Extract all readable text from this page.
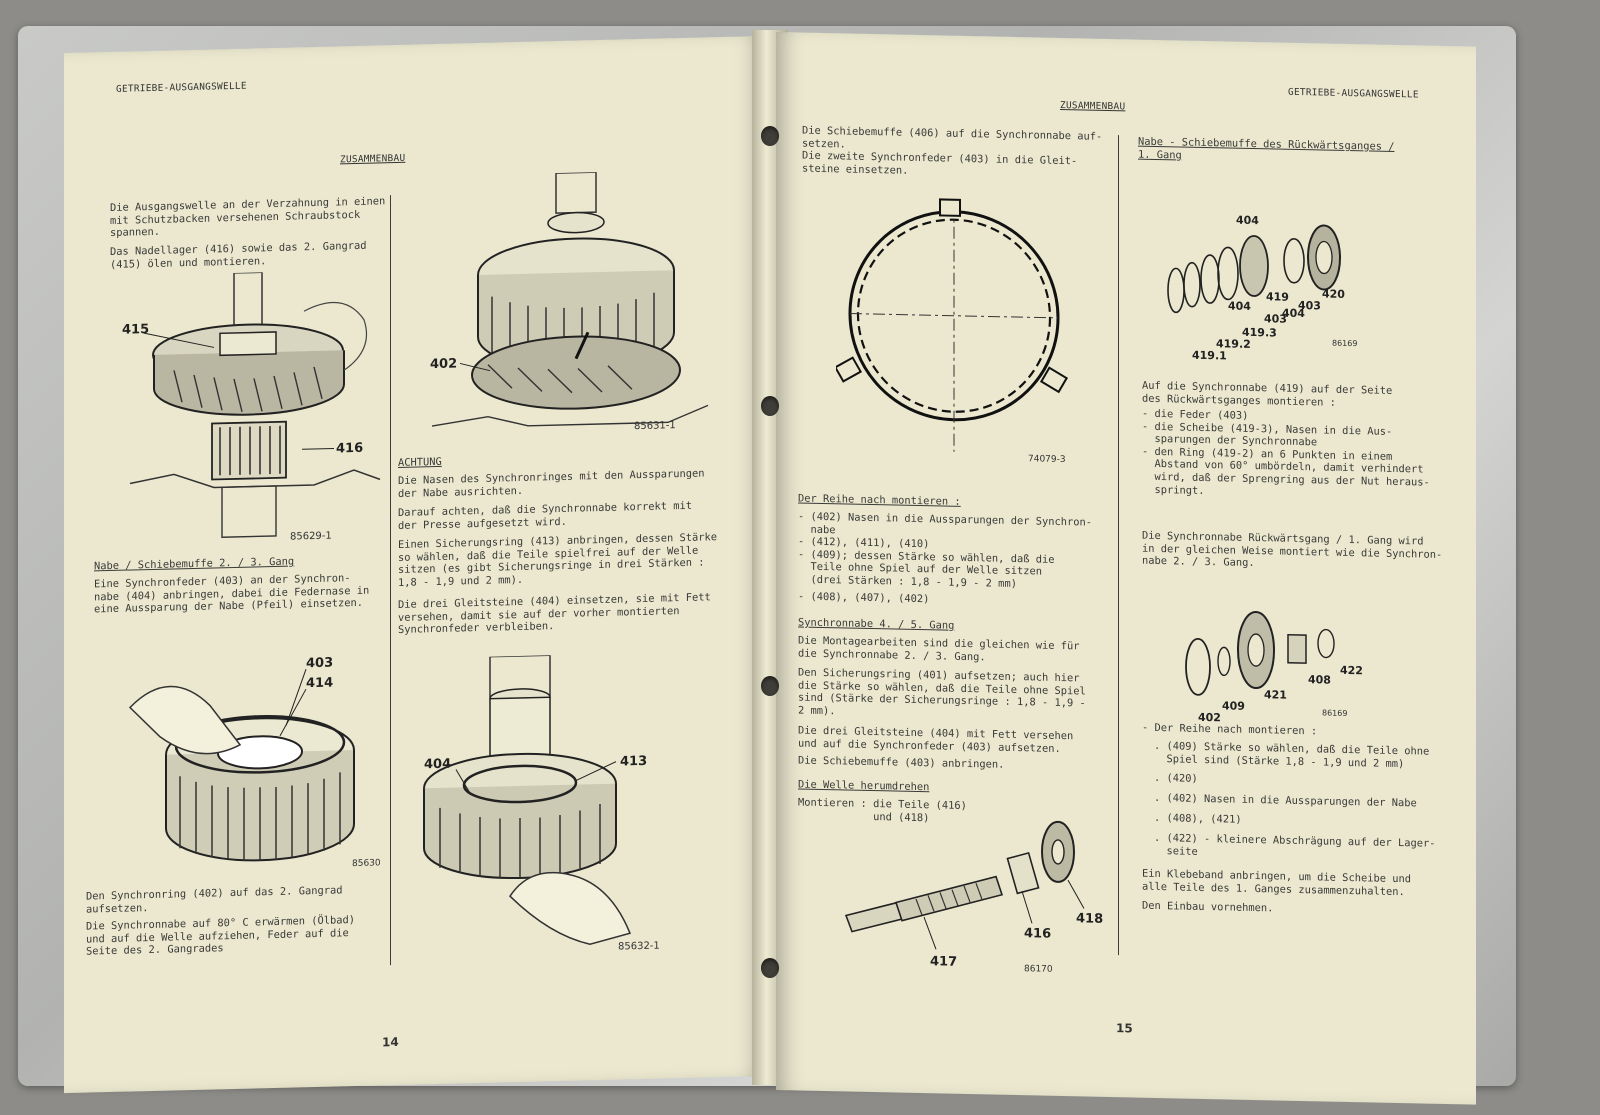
GETRIEBE-AUSGANGSWELLE
ZUSAMMENBAU
Die Ausgangswelle an der Verzahnung in einen
mit Schutzbacken versehenen Schraubstock
spannen.
Das Nadellager (416) sowie das 2. Gangrad
(415) ölen und montieren.
415
416
85629-1
Nabe / Schiebemuffe 2. / 3. Gang
Eine Synchronfeder (403) an der Synchron-
nabe (404) anbringen, dabei die Federnase in
eine Aussparung der Nabe (Pfeil) einsetzen.
403
414
85630
Den Synchronring (402) auf das 2. Gangrad
aufsetzen.
Die Synchronnabe auf 80° C erwärmen (Ölbad)
und auf die Welle aufziehen, Feder auf die
Seite des 2. Gangrades
402
85631-1
ACHTUNG
Die Nasen des Synchronringes mit den Aussparungen
der Nabe ausrichten.
Darauf achten, daß die Synchronnabe korrekt mit
der Presse aufgesetzt wird.
Einen Sicherungsring (413) anbringen, dessen Stärke
so wählen, daß die Teile spielfrei auf der Welle
sitzen (es gibt Sicherungsringe in drei Stärken :
1,8 - 1,9 und 2 mm).
Die drei Gleitsteine (404) einsetzen, sie mit Fett
versehen, damit sie auf der vorher montierten
Synchronfeder verbleiben.
404	413
85632-1
14
GETRIEBE-AUSGANGSWELLE
ZUSAMMENBAU
Die Schiebemuffe (406) auf die Synchronnabe auf-
setzen.
Die zweite Synchronfeder (403) in die Gleit-
steine einsetzen.
74079-3
Der Reihe nach montieren :
- (402) Nasen in die Aussparungen der Synchron-
nabe
- (412), (411), (410)
- (409); dessen Stärke so wählen, daß die
Teile ohne Spiel auf der Welle sitzen
(drei Stärken : 1,8 - 1,9 - 2 mm)
- (408), (407), (402)
Synchronnabe 4. / 5. Gang
Die Montagearbeiten sind die gleichen wie für
die Synchronnabe 2. / 3. Gang.
Den Sicherungsring (401) aufsetzen; auch hier
die Stärke so wählen, daß die Teile ohne Spiel
sind (Stärke der Sicherungsringe : 1,8 - 1,9 -
2 mm).
Die drei Gleitsteine (404) mit Fett versehen
und auf die Synchronfeder (403) aufsetzen.
Die Schiebemuffe (403) anbringen.
Die Welle herumdrehen
Montieren : die Teile (416)
und (418)
417
416
418
86170
Nabe - Schiebemuffe des Rückwärtsganges /
1. Gang
404
419
403
420
404
403
404
419.3
419.2
419.1
86169
Auf die Synchronnabe (419) auf der Seite
des Rückwärtsganges montieren :
- die Feder (403)
- die Scheibe (419-3), Nasen in die Aus-
sparungen der Synchronnabe
- den Ring (419-2) an 6 Punkten in einem
Abstand von 60° umbördeln, damit verhindert
wird, daß der Sprengring aus der Nut heraus-
springt.
Die Synchronnabe Rückwärtsgang / 1. Gang wird
in der gleichen Weise montiert wie die Synchron-
nabe 2. / 3. Gang.
422
408
421
409
402	86169
- Der Reihe nach montieren :
. (409) Stärke so wählen, daß die Teile ohne
Spiel sind (Stärke 1,8 - 1,9 und 2 mm)
. (420)
. (402) Nasen in die Aussparungen der Nabe
. (408), (421)
. (422) - kleinere Abschrägung auf der Lager-
seite
Ein Klebeband anbringen, um die Scheibe und
alle Teile des 1. Ganges zusammenzuhalten.
Den Einbau vornehmen.
15
